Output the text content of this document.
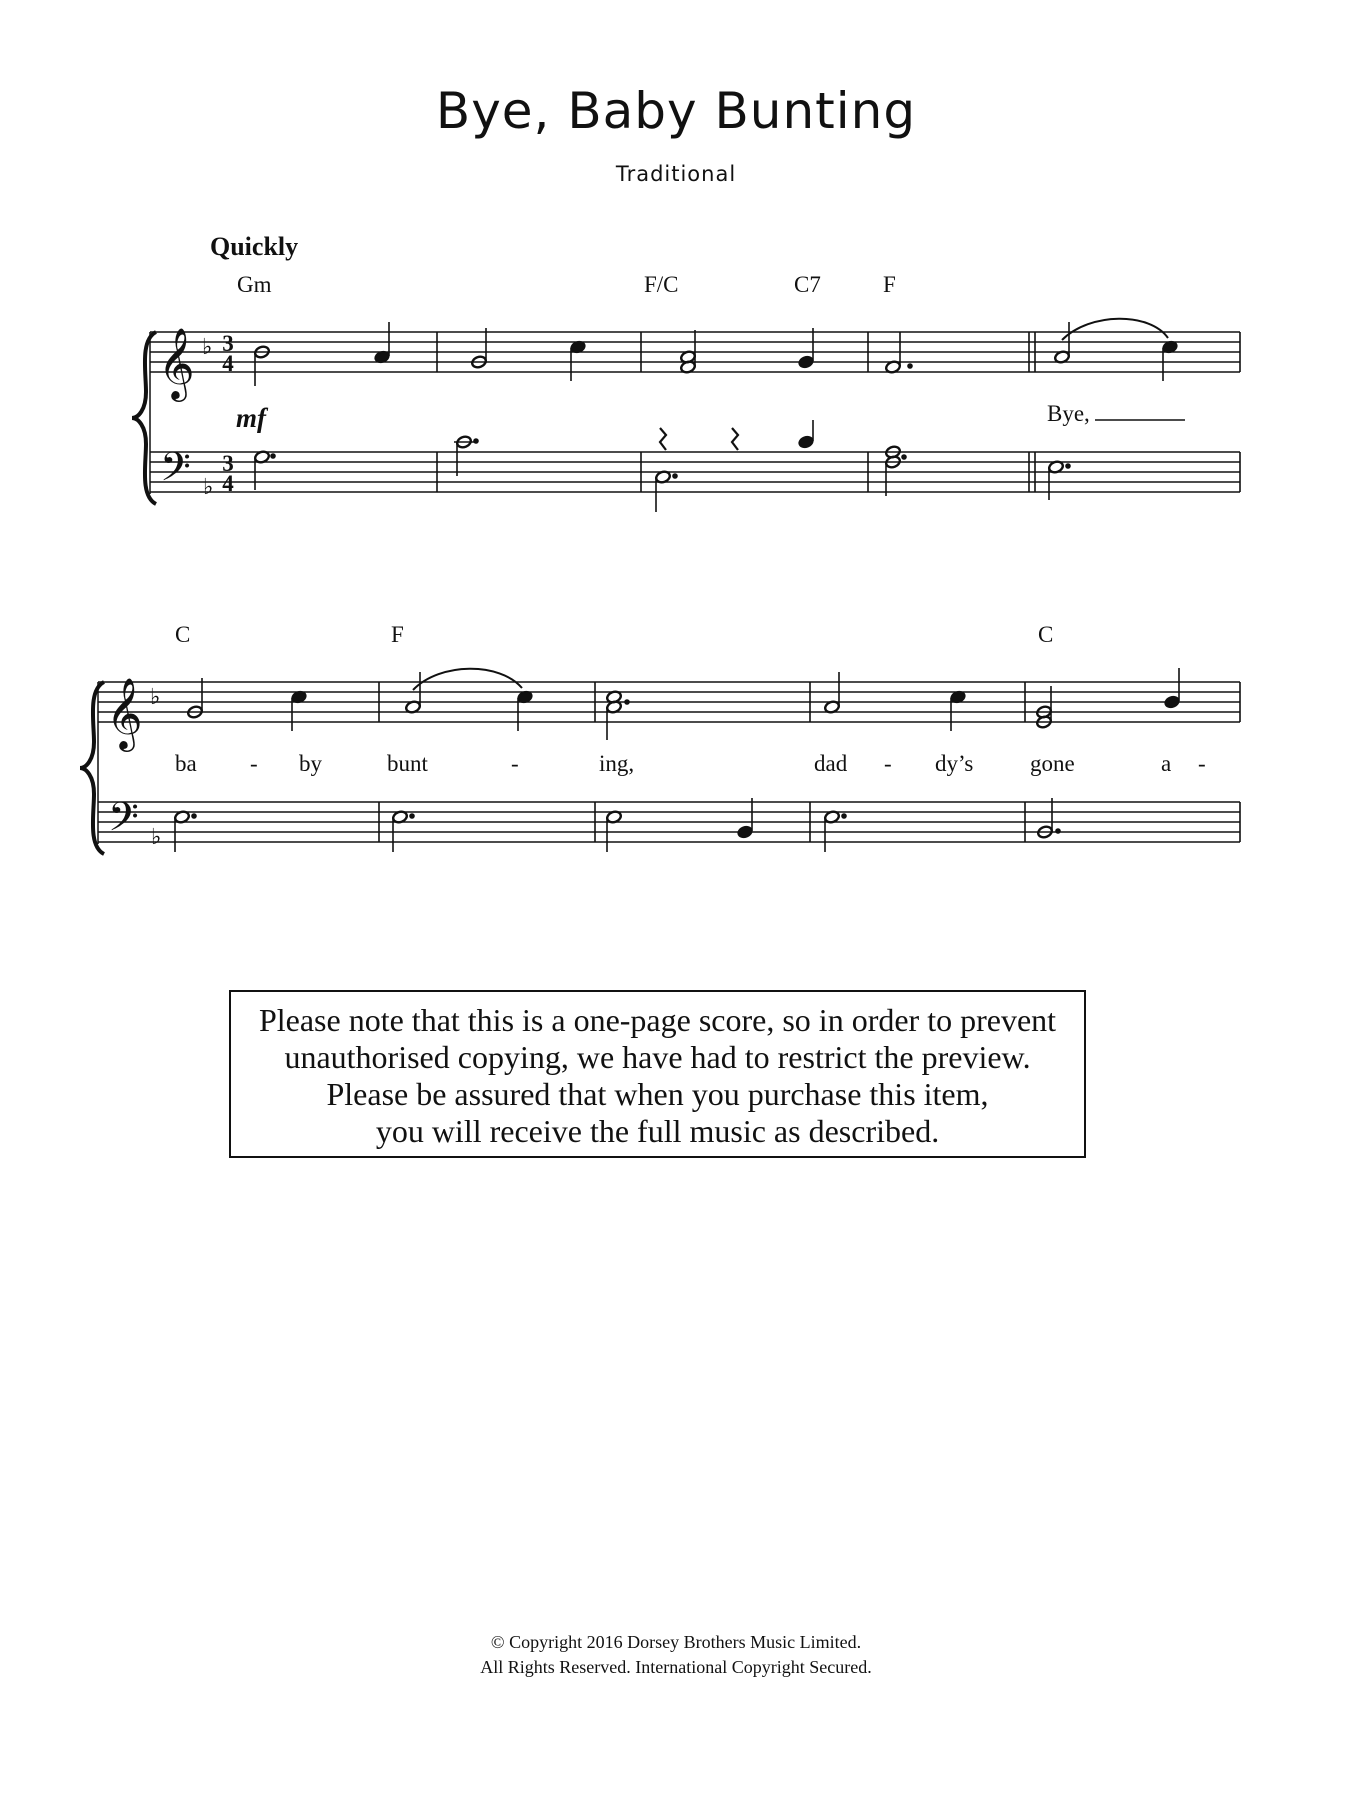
Bye, Baby Bunting
Traditional
Quickly
𝄞
𝄢
𝄞
𝄢
♭
♭
♭
♭
3
4
3
4
mf
Gm	F/C	C7	F
C	F	C
Bye,
ba - by	bunt	-	ing,	dad - dy’s gone	a -
Please note that this is a one-page score, so in order to prevent
unauthorised copying, we have had to restrict the preview.
Please be assured that when you purchase this item,
you will receive the full music as described.
© Copyright 2016 Dorsey Brothers Music Limited.
All Rights Reserved. International Copyright Secured.
